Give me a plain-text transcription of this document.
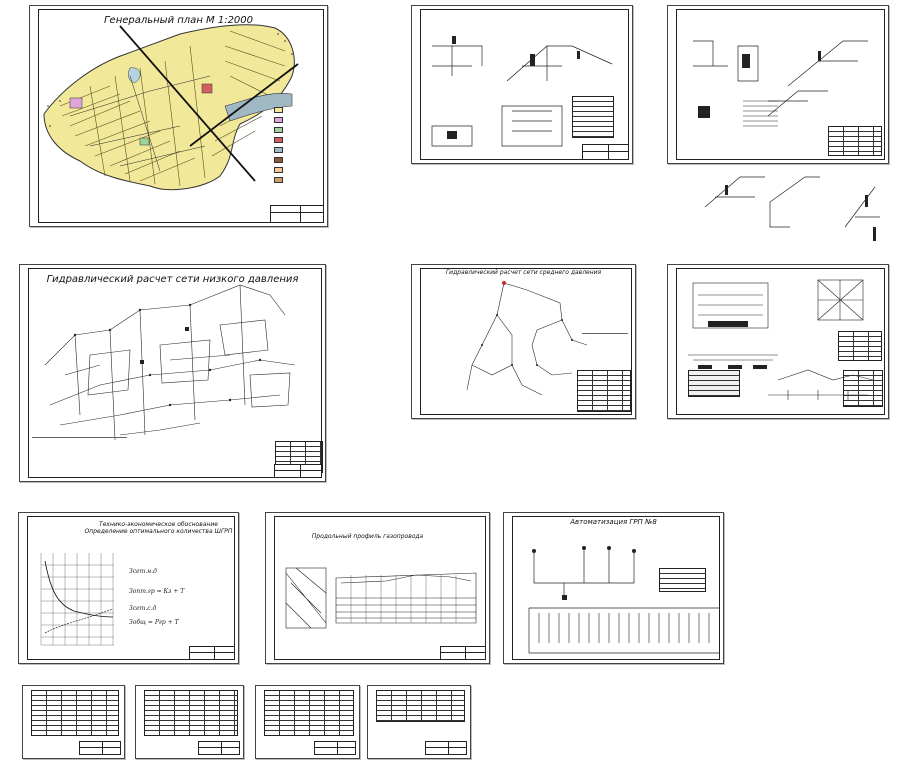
Генеральный план М 1:2000
Гидравлический расчет сети низкого давления
Гидравлический расчет сети среднего давления
Технико-экономическое обоснование
Определение оптимального количества ШГРП
Зсет.н.д
Зопт.гр = Кз + Т
Зсет.с.д
Зобщ = Ргр + Т
Продольный профиль газопровода
Автоматизация ГРП №8
